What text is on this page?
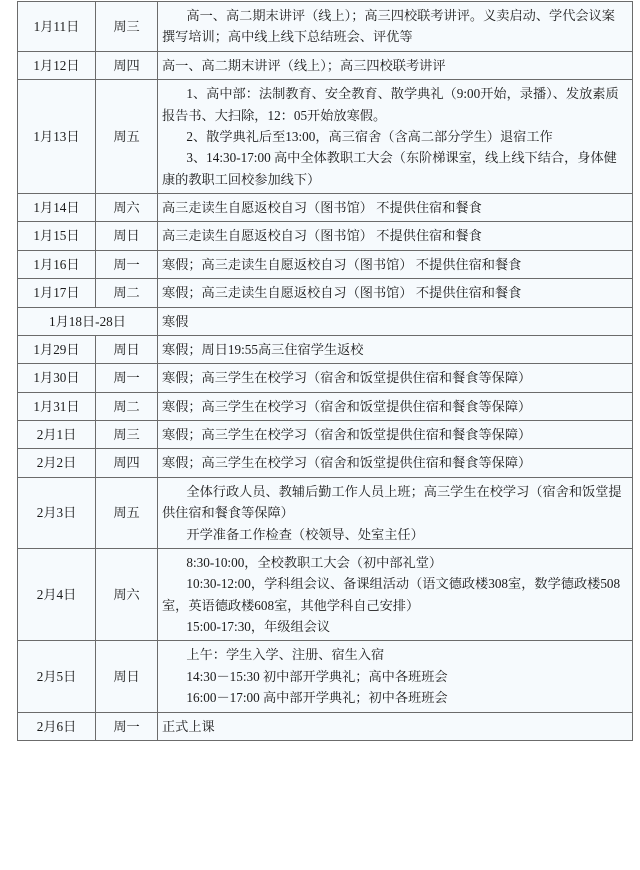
1月11日	周三	高一、高二期末讲评（线上）；高三四校联考讲评。义卖启动、学代会议案撰写培训；高中线上线下总结班会、评优等

1月12日	周四	高一、高二期末讲评（线上）；高三四校联考讲评

1月13日	周五	1、高中部：法制教育、安全教育、散学典礼（9:00开始，录播）、发放素质报告书、大扫除，12：05开始放寒假。
2、散学典礼后至13:00，高三宿舍（含高二部分学生）退宿工作
3、14:30-17:00 高中全体教职工大会（东阶梯课室，线上线下结合，身体健康的教职工回校参加线下）

1月14日	周六	高三走读生自愿返校自习（图书馆） 不提供住宿和餐食

1月15日	周日	高三走读生自愿返校自习（图书馆） 不提供住宿和餐食

1月16日	周一	寒假；高三走读生自愿返校自习（图书馆） 不提供住宿和餐食

1月17日	周二	寒假；高三走读生自愿返校自习（图书馆） 不提供住宿和餐食

1月18日-28日		寒假

1月29日	周日	寒假；周日19:55高三住宿学生返校

1月30日	周一	寒假；高三学生在校学习（宿舍和饭堂提供住宿和餐食等保障）

1月31日	周二	寒假；高三学生在校学习（宿舍和饭堂提供住宿和餐食等保障）

2月1日	周三	寒假；高三学生在校学习（宿舍和饭堂提供住宿和餐食等保障）

2月2日	周四	寒假；高三学生在校学习（宿舍和饭堂提供住宿和餐食等保障）

2月3日	周五	全体行政人员、教辅后勤工作人员上班；高三学生在校学习（宿舍和饭堂提供住宿和餐食等保障）
开学准备工作检查（校领导、处室主任）

2月4日	周六	8:30-10:00，全校教职工大会（初中部礼堂）
10:30-12:00，学科组会议、备课组活动（语文德政楼308室，数学德政楼508室，英语德政楼608室，其他学科自己安排）
15:00-17:30，年级组会议

2月5日	周日	上午：学生入学、注册、宿生入宿
14:30－15:30 初中部开学典礼；高中各班班会
16:00－17:00 高中部开学典礼；初中各班班会

2月6日	周一	正式上课
